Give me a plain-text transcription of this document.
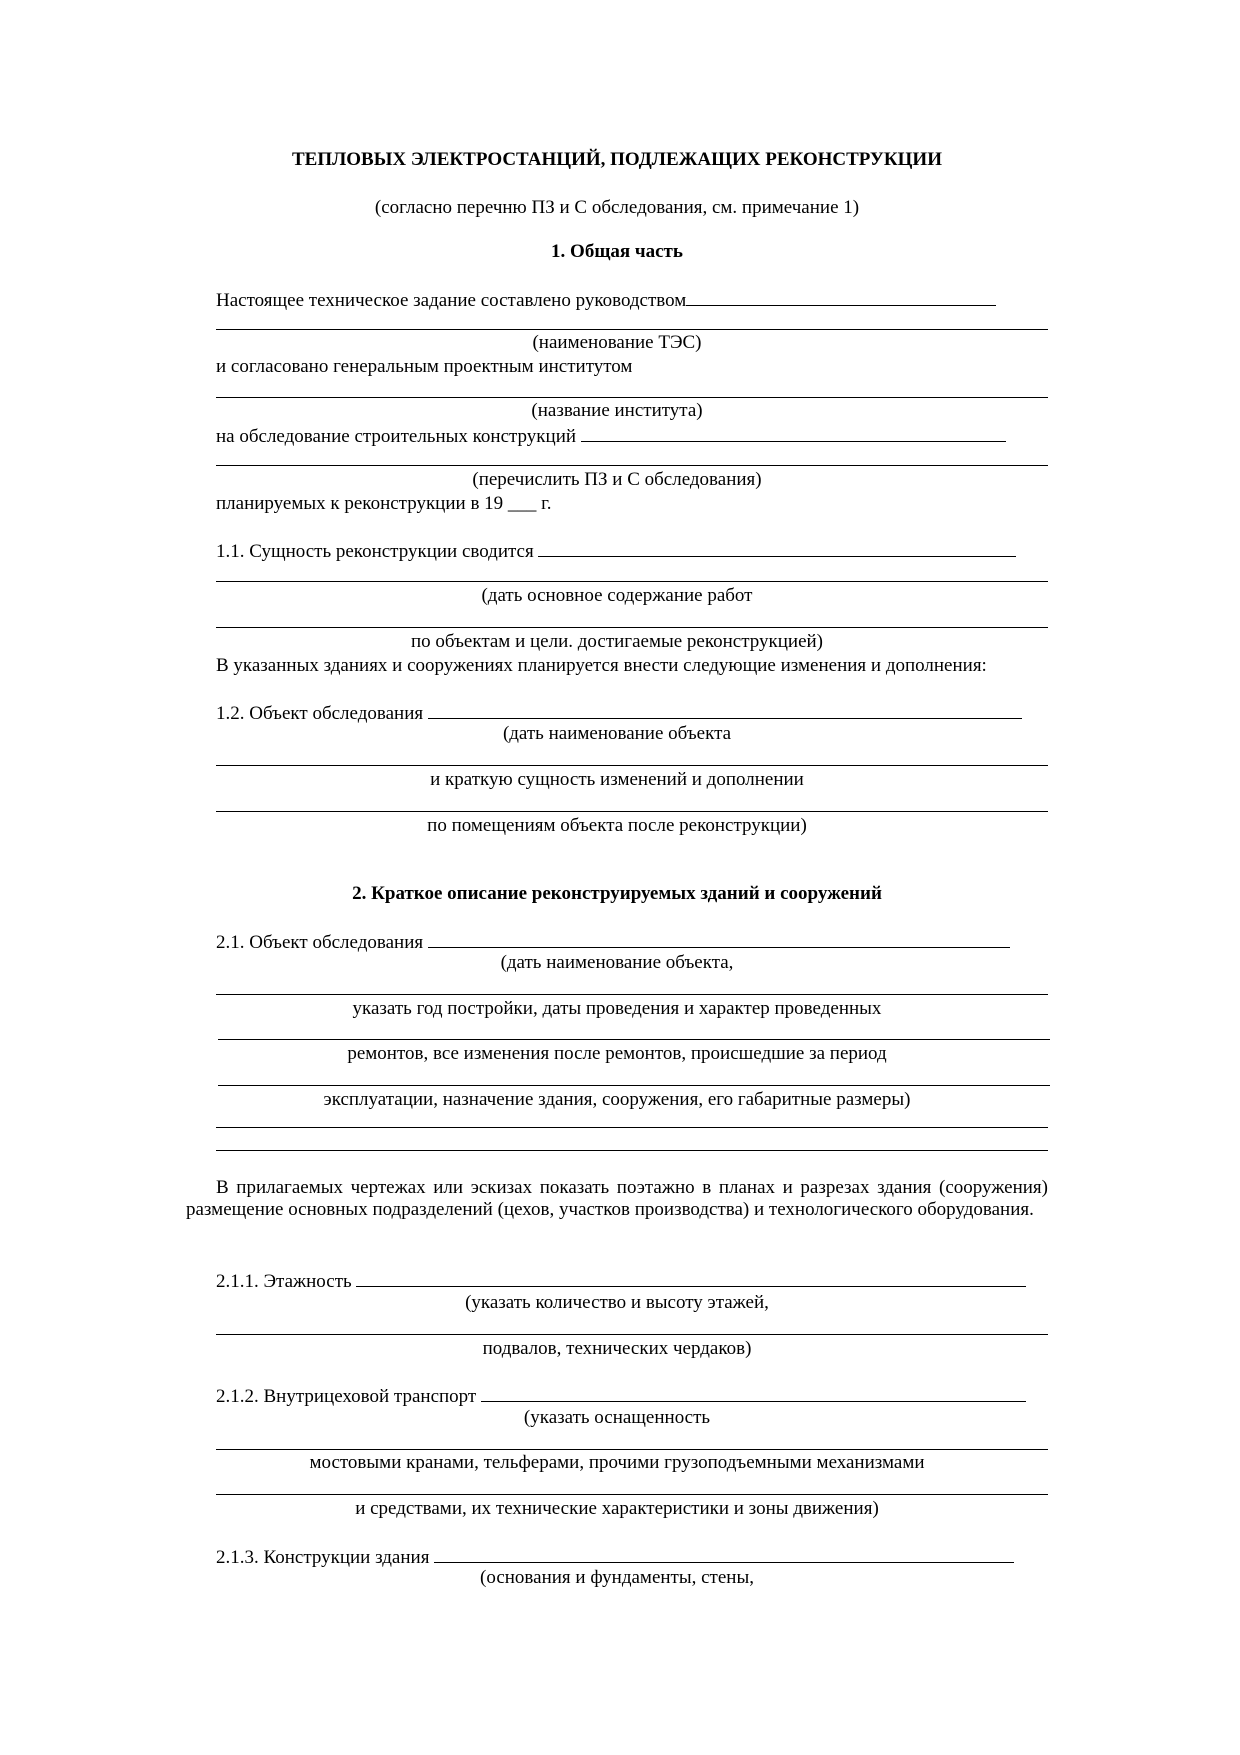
ТЕПЛОВЫХ ЭЛЕКТРОСТАНЦИЙ, ПОДЛЕЖАЩИХ РЕКОНСТРУКЦИИ
(согласно перечню ПЗ и С обследования, см. примечание 1)
1. Общая часть
Настоящее техническое задание составлено руководством
(наименование ТЭС)
и согласовано генеральным проектным институтом
(название института)
на обследование строительных конструкций
(перечислить ПЗ и С обследования)
планируемых к реконструкции в 19 ___ г.
1.1. Сущность реконструкции сводится
(дать основное содержание работ
по объектам и цели. достигаемые реконструкцией)
В указанных зданиях и сооружениях планируется внести следующие изменения и дополнения:
1.2. Объект обследования
(дать наименование объекта
и краткую сущность изменений и дополнении
по помещениям объекта после реконструкции)
2. Краткое описание реконструируемых зданий и сооружений
2.1. Объект обследования
(дать наименование объекта,
указать год постройки, даты проведения и характер проведенных
ремонтов, все изменения после ремонтов, происшедшие за период
эксплуатации, назначение здания, сооружения, его габаритные размеры)
В прилагаемых чертежах или эскизах показать поэтажно в планах и разрезах здания (сооружения) размещение основных подразделений (цехов, участков производства) и технологического оборудования.
2.1.1. Этажность
(указать количество и высоту этажей,
подвалов, технических чердаков)
2.1.2. Внутрицеховой транспорт
(указать оснащенность
мостовыми кранами, тельферами, прочими грузоподъемными механизмами
и средствами, их технические характеристики и зоны движения)
2.1.3. Конструкции здания
(основания и фундаменты, стены,
